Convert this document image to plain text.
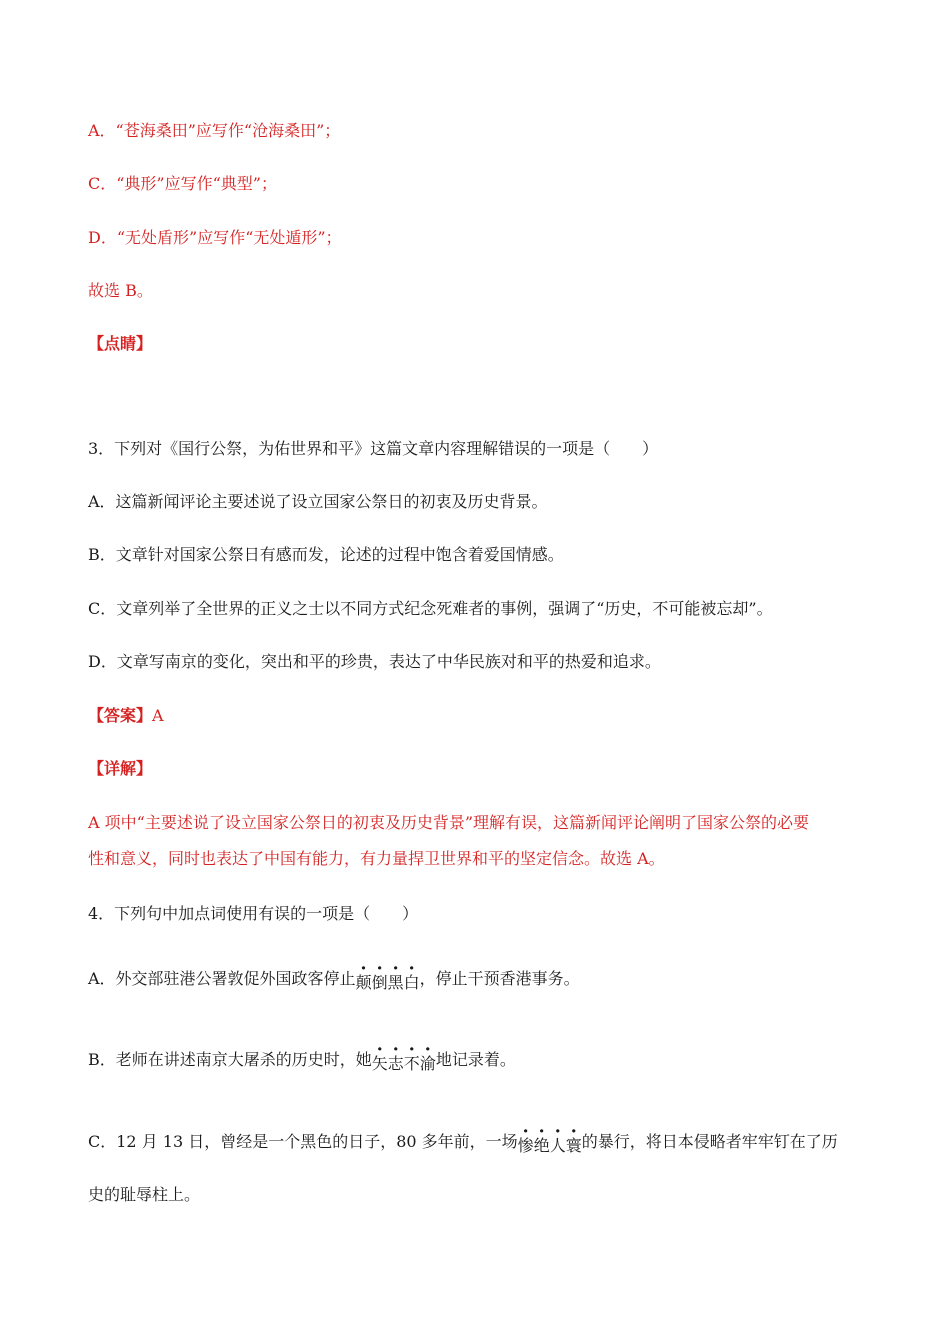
A．“苍海桑田”应写作“沧海桑田”；
C．“典形”应写作“典型”；
D．“无处盾形”应写作“无处遁形”；
故选 B。
【点睛】
3．下列对《国行公祭，为佑世界和平》这篇文章内容理解错误的一项是（　　）
A．这篇新闻评论主要述说了设立国家公祭日的初衷及历史背景。
B．文章针对国家公祭日有感而发，论述的过程中饱含着爱国情感。
C．文章列举了全世界的正义之士以不同方式纪念死难者的事例，强调了“历史，不可能被忘却”。
D．文章写南京的变化，突出和平的珍贵，表达了中华民族对和平的热爱和追求。
【答案】A
【详解】
A 项中“主要述说了设立国家公祭日的初衷及历史背景”理解有误，这篇新闻评论阐明了国家公祭的必要
性和意义，同时也表达了中国有能力，有力量捍卫世界和平的坚定信念。故选 A。
4．下列句中加点词使用有误的一项是（　　）
A．外交部驻港公署敦促外国政客停止颠倒黑白，停止干预香港事务。
B．老师在讲述南京大屠杀的历史时，她矢志不渝地记录着。
C．12 月 13 日，曾经是一个黑色的日子，80 多年前，一场惨绝人寰的暴行，将日本侵略者牢牢钉在了历
史的耻辱柱上。
